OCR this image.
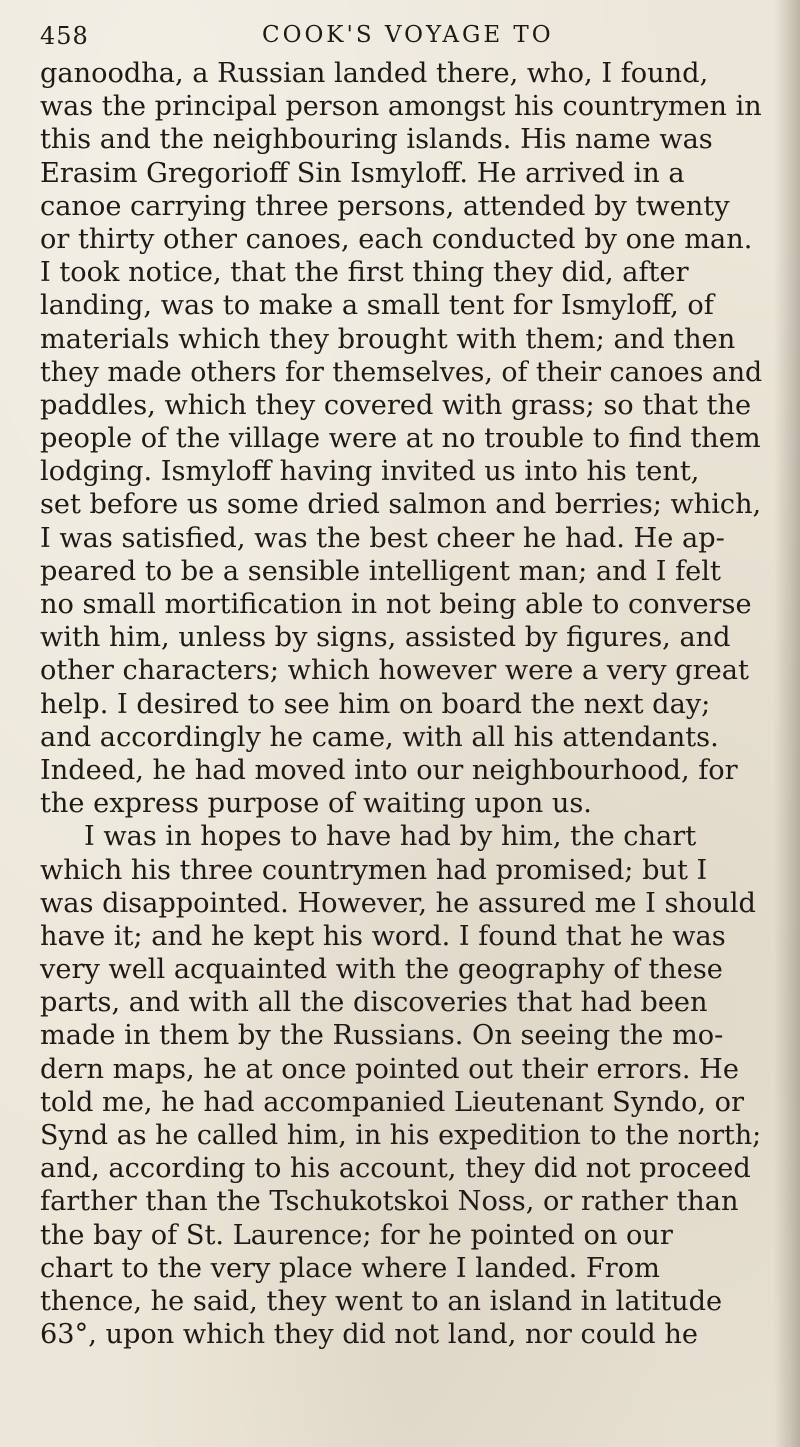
458	COOK'S VOYAGE TO
ganoodha, a Russian landed there, who, I found,
was the principal person amongst his countrymen in
this and the neighbouring islands. His name was
Erasim Gregorioff Sin Ismyloff. He arrived in a
canoe carrying three persons, attended by twenty
or thirty other canoes, each conducted by one man.
I took notice, that the first thing they did, after
landing, was to make a small tent for Ismyloff, of
materials which they brought with them; and then
they made others for themselves, of their canoes and
paddles, which they covered with grass; so that the
people of the village were at no trouble to find them
lodging. Ismyloff having invited us into his tent,
set before us some dried salmon and berries; which,
I was satisfied, was the best cheer he had. He ap-
peared to be a sensible intelligent man; and I felt
no small mortification in not being able to converse
with him, unless by signs, assisted by figures, and
other characters; which however were a very great
help. I desired to see him on board the next day;
and accordingly he came, with all his attendants.
Indeed, he had moved into our neighbourhood, for
the express purpose of waiting upon us.
I was in hopes to have had by him, the chart
which his three countrymen had promised; but I
was disappointed. However, he assured me I should
have it; and he kept his word. I found that he was
very well acquainted with the geography of these
parts, and with all the discoveries that had been
made in them by the Russians. On seeing the mo-
dern maps, he at once pointed out their errors. He
told me, he had accompanied Lieutenant Syndo, or
Synd as he called him, in his expedition to the north;
and, according to his account, they did not proceed
farther than the Tschukotskoi Noss, or rather than
the bay of St. Laurence; for he pointed on our
chart to the very place where I landed. From
thence, he said, they went to an island in latitude
63°, upon which they did not land, nor could he
